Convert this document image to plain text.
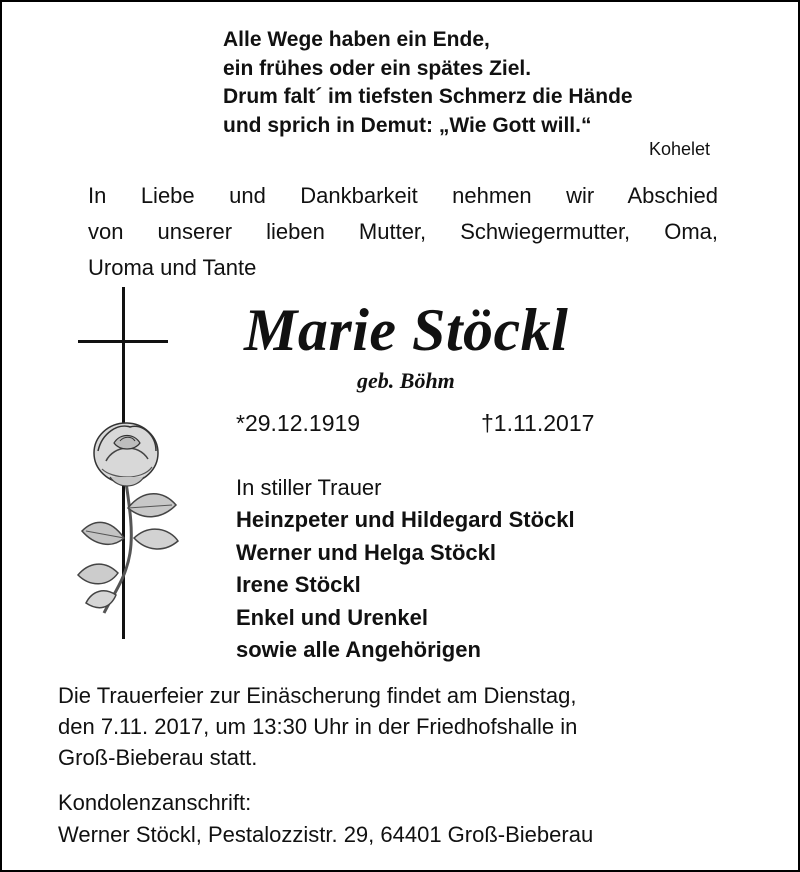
Alle Wege haben ein Ende,
ein frühes oder ein spätes Ziel.
Drum falt´ im tiefsten Schmerz die Hände
und sprich in Demut: „Wie Gott will.“
Kohelet
In Liebe und Dankbarkeit nehmen wir Abschied
von unserer lieben Mutter, Schwiegermutter, Oma,
Uroma und Tante
Marie Stöckl
geb. Böhm
*29.12.1919	†1.11.2017
In stiller Trauer
Heinzpeter und Hildegard Stöckl
Werner und Helga Stöckl
Irene Stöckl
Enkel und Urenkel
sowie alle Angehörigen
Die Trauerfeier zur Einäscherung findet am Dienstag,
den 7.11. 2017, um 13:30 Uhr in der Friedhofshalle in
Groß-Bieberau statt.
Kondolenzanschrift:
Werner Stöckl, Pestalozzistr. 29, 64401 Groß-Bieberau
